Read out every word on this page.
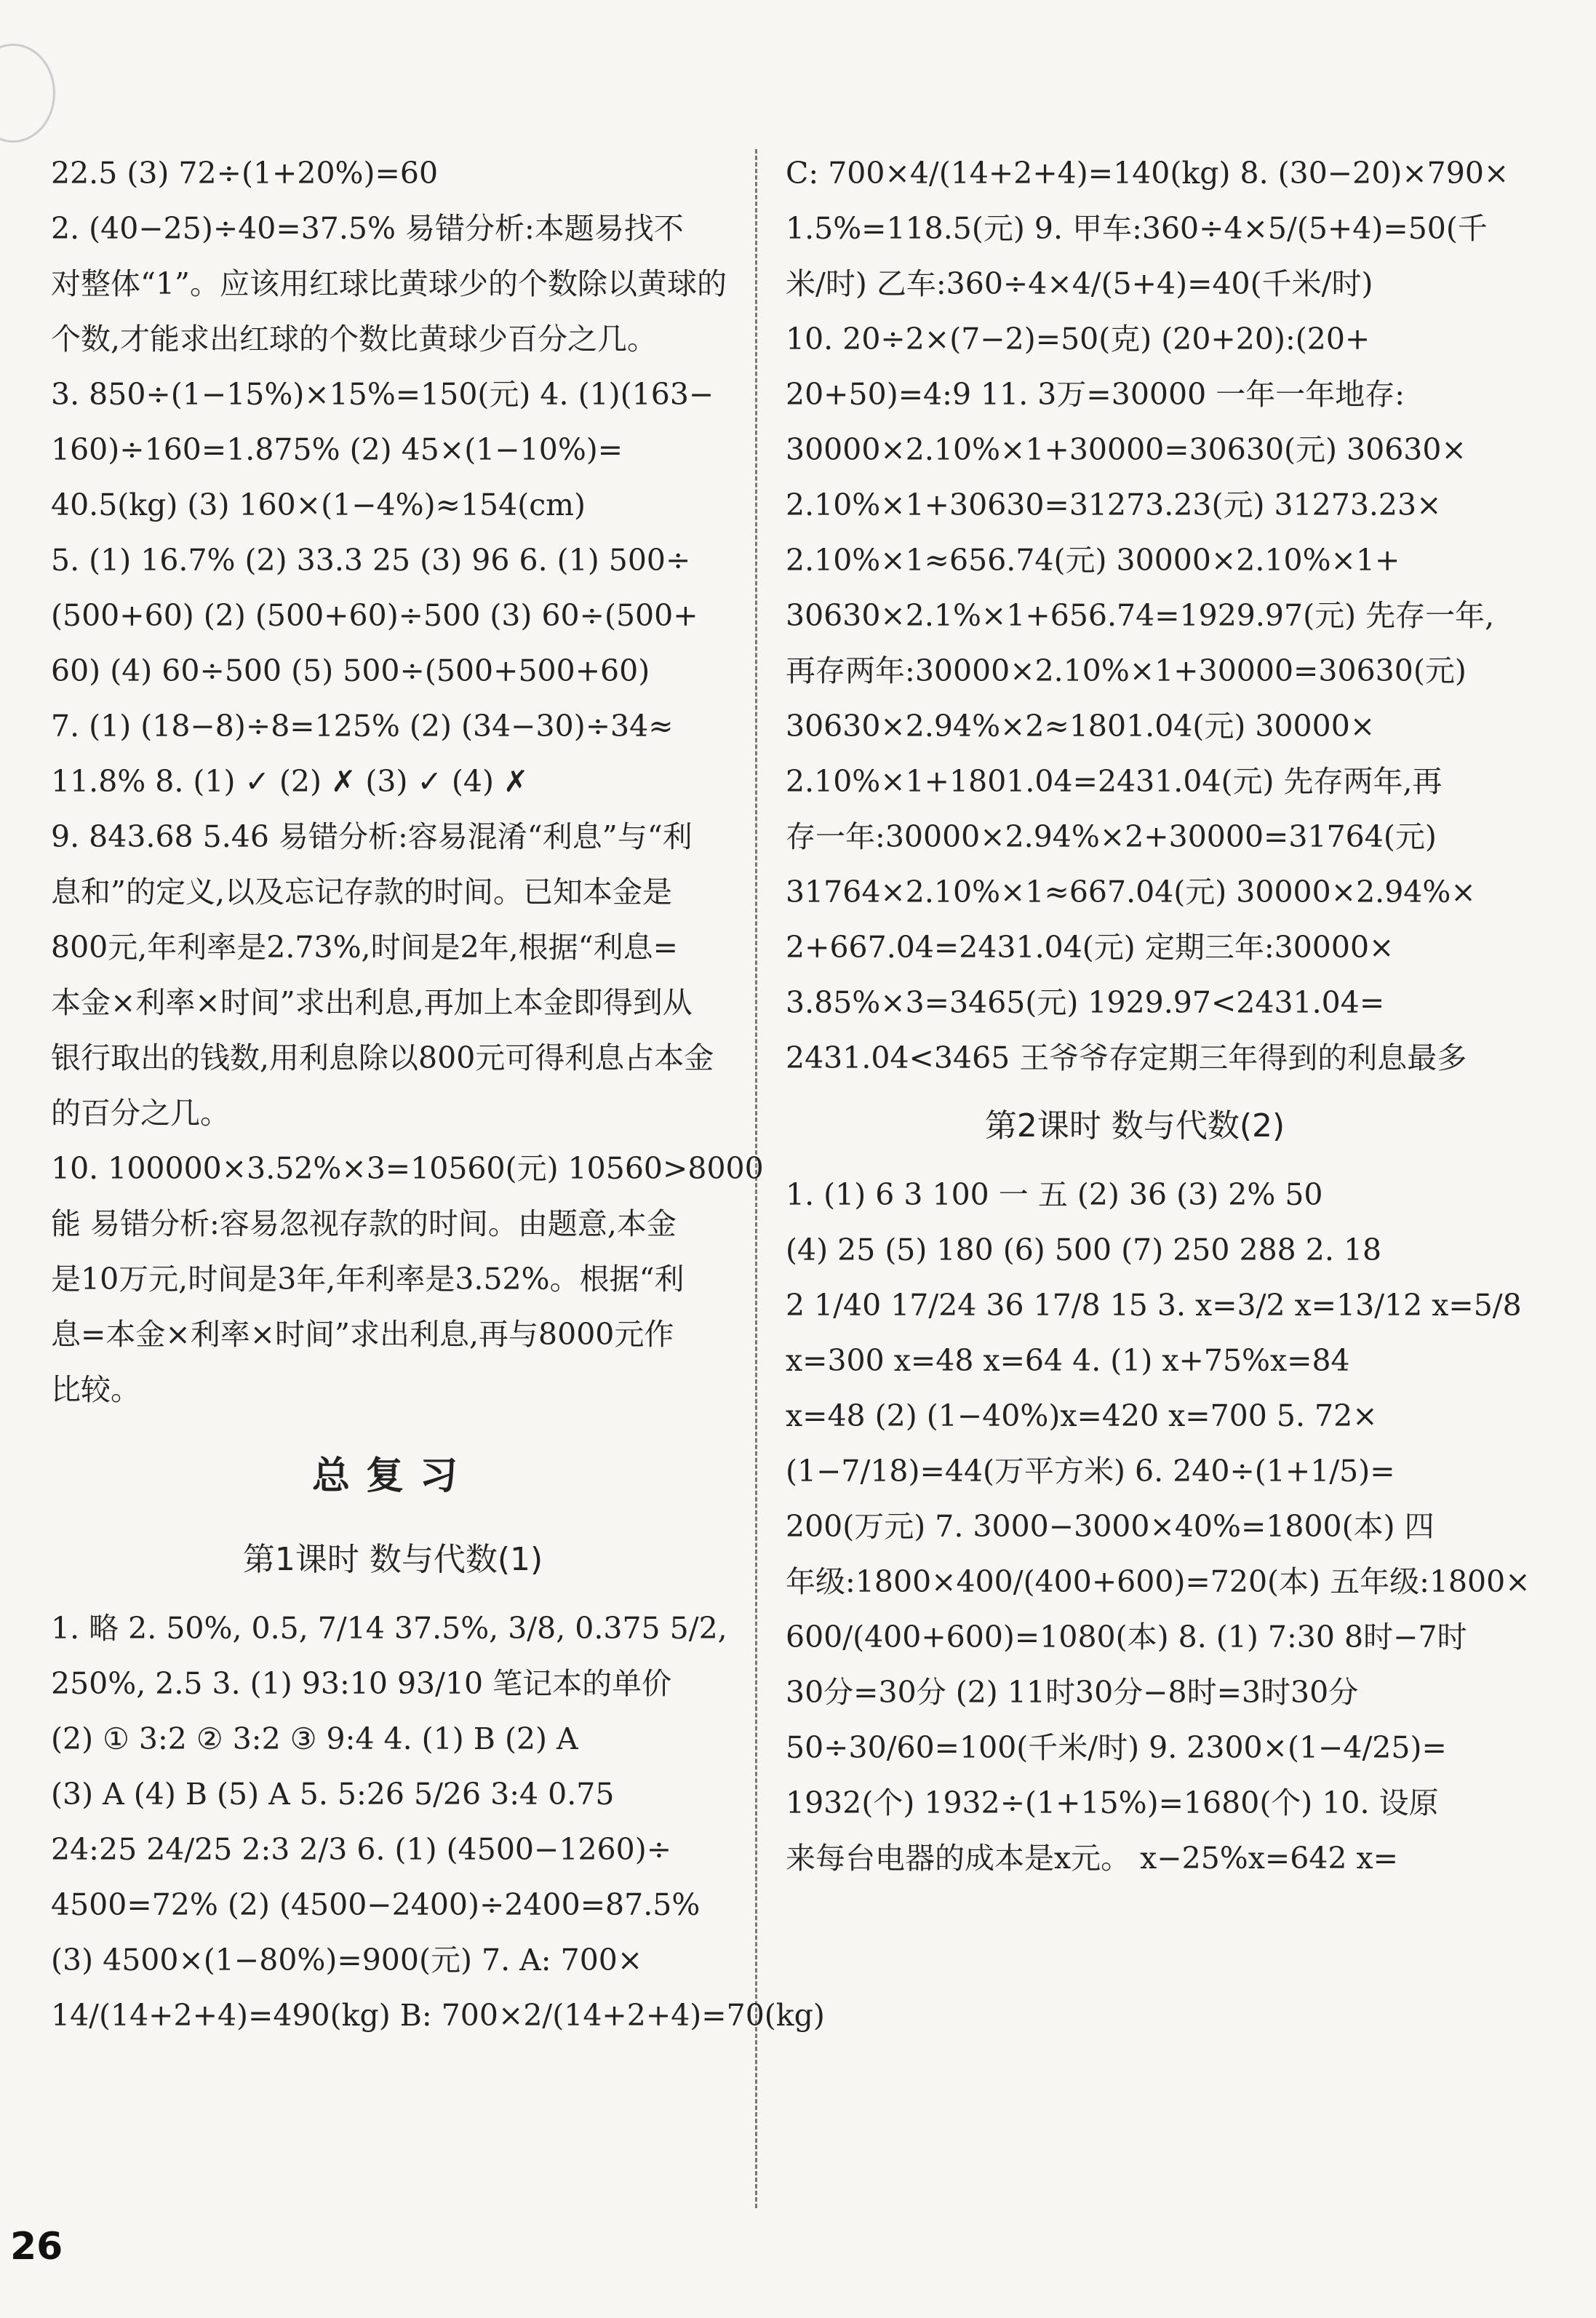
22.5 (3) 72÷(1+20%)=60
2. (40−25)÷40=37.5% 易错分析:本题易找不
对整体“1”。应该用红球比黄球少的个数除以黄球的
个数,才能求出红球的个数比黄球少百分之几。
3. 850÷(1−15%)×15%=150(元) 4. (1)(163−
160)÷160=1.875% (2) 45×(1−10%)=
40.5(kg) (3) 160×(1−4%)≈154(cm)
5. (1) 16.7% (2) 33.3 25 (3) 96 6. (1) 500÷
(500+60) (2) (500+60)÷500 (3) 60÷(500+
60) (4) 60÷500 (5) 500÷(500+500+60)
7. (1) (18−8)÷8=125% (2) (34−30)÷34≈
11.8% 8. (1) ✓ (2) ✗ (3) ✓ (4) ✗
9. 843.68 5.46 易错分析:容易混淆“利息”与“利
息和”的定义,以及忘记存款的时间。已知本金是
800元,年利率是2.73%,时间是2年,根据“利息=
本金×利率×时间”求出利息,再加上本金即得到从
银行取出的钱数,用利息除以800元可得利息占本金
的百分之几。
10. 100000×3.52%×3=10560(元) 10560>8000
能 易错分析:容易忽视存款的时间。由题意,本金
是10万元,时间是3年,年利率是3.52%。根据“利
息=本金×利率×时间”求出利息,再与8000元作
比较。
总复习
第1课时 数与代数(1)
1. 略 2. 50%, 0.5, 7/14 37.5%, 3/8, 0.375 5/2,
250%, 2.5 3. (1) 93:10 93/10 笔记本的单价
(2) ① 3:2 ② 3:2 ③ 9:4 4. (1) B (2) A
(3) A (4) B (5) A 5. 5:26 5/26 3:4 0.75
24:25 24/25 2:3 2/3 6. (1) (4500−1260)÷
4500=72% (2) (4500−2400)÷2400=87.5%
(3) 4500×(1−80%)=900(元) 7. A: 700×
14/(14+2+4)=490(kg) B: 700×2/(14+2+4)=70(kg)
C: 700×4/(14+2+4)=140(kg) 8. (30−20)×790×
1.5%=118.5(元) 9. 甲车:360÷4×5/(5+4)=50(千
米/时) 乙车:360÷4×4/(5+4)=40(千米/时)
10. 20÷2×(7−2)=50(克) (20+20):(20+
20+50)=4:9 11. 3万=30000 一年一年地存:
30000×2.10%×1+30000=30630(元) 30630×
2.10%×1+30630=31273.23(元) 31273.23×
2.10%×1≈656.74(元) 30000×2.10%×1+
30630×2.1%×1+656.74=1929.97(元) 先存一年,
再存两年:30000×2.10%×1+30000=30630(元)
30630×2.94%×2≈1801.04(元) 30000×
2.10%×1+1801.04=2431.04(元) 先存两年,再
存一年:30000×2.94%×2+30000=31764(元)
31764×2.10%×1≈667.04(元) 30000×2.94%×
2+667.04=2431.04(元) 定期三年:30000×
3.85%×3=3465(元) 1929.97<2431.04=
2431.04<3465 王爷爷存定期三年得到的利息最多
第2课时 数与代数(2)
1. (1) 6 3 100 一 五 (2) 36 (3) 2% 50
(4) 25 (5) 180 (6) 500 (7) 250 288 2. 18
2 1/40 17/24 36 17/8 15 3. x=3/2 x=13/12 x=5/8
x=300 x=48 x=64 4. (1) x+75%x=84
x=48 (2) (1−40%)x=420 x=700 5. 72×
(1−7/18)=44(万平方米) 6. 240÷(1+1/5)=
200(万元) 7. 3000−3000×40%=1800(本) 四
年级:1800×400/(400+600)=720(本) 五年级:1800×
600/(400+600)=1080(本) 8. (1) 7:30 8时−7时
30分=30分 (2) 11时30分−8时=3时30分
50÷30/60=100(千米/时) 9. 2300×(1−4/25)=
1932(个) 1932÷(1+15%)=1680(个) 10. 设原
来每台电器的成本是x元。 x−25%x=642 x=
26
